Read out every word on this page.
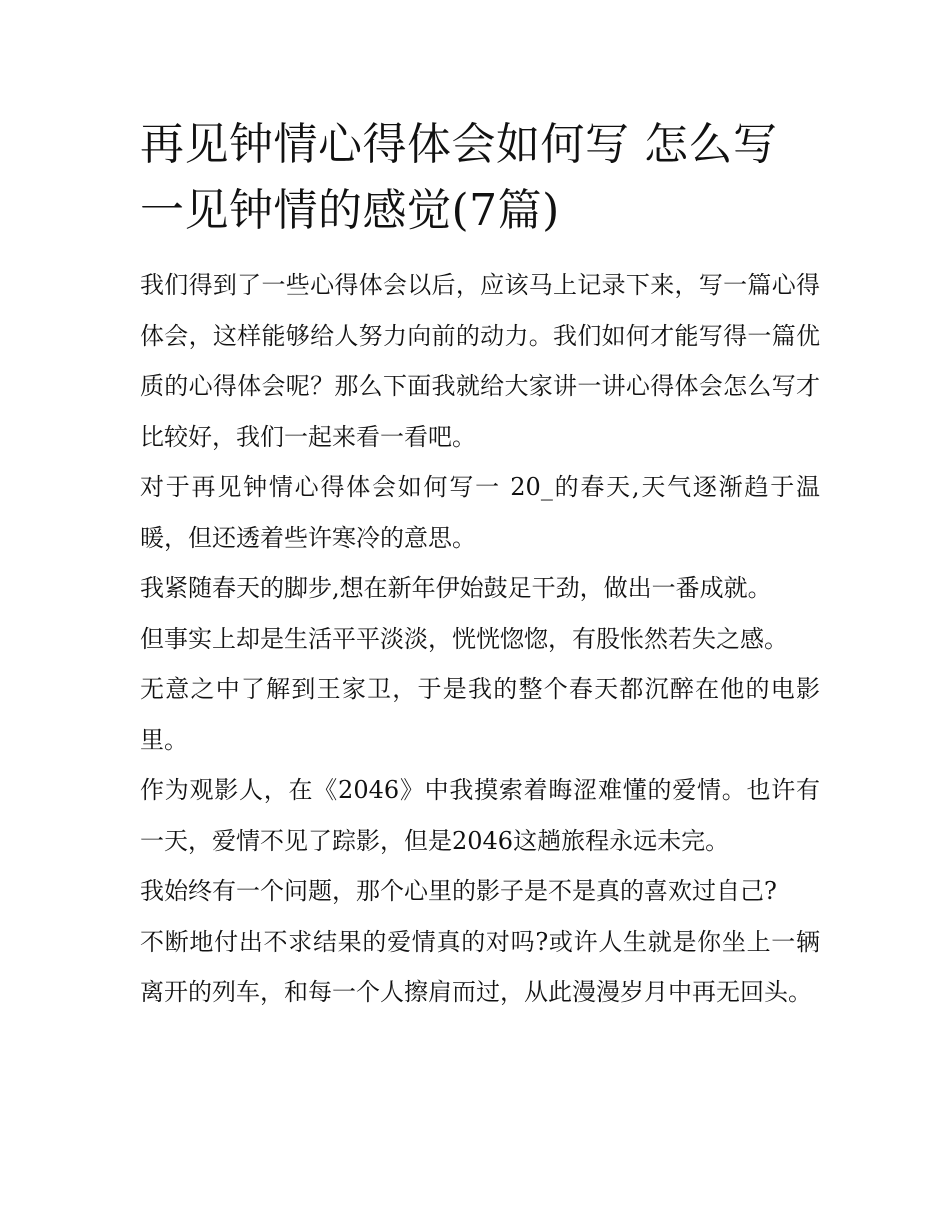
再见钟情心得体会如何写 怎么写一见钟情的感觉(7篇)

我们得到了一些心得体会以后，应该马上记录下来，写一篇心得体会，这样能够给人努力向前的动力。我们如何才能写得一篇优质的心得体会呢？那么下面我就给大家讲一讲心得体会怎么写才比较好，我们一起来看一看吧。

对于再见钟情心得体会如何写一 20_的春天,天气逐渐趋于温暖，但还透着些许寒冷的意思。

我紧随春天的脚步,想在新年伊始鼓足干劲，做出一番成就。

但事实上却是生活平平淡淡，恍恍惚惚，有股怅然若失之感。

无意之中了解到王家卫，于是我的整个春天都沉醉在他的电影里。

作为观影人，在《2046》中我摸索着晦涩难懂的爱情。也许有一天，爱情不见了踪影，但是2046这趟旅程永远未完。

我始终有一个问题，那个心里的影子是不是真的喜欢过自己?

不断地付出不求结果的爱情真的对吗?或许人生就是你坐上一辆离开的列车，和每一个人擦肩而过，从此漫漫岁月中再无回头。
